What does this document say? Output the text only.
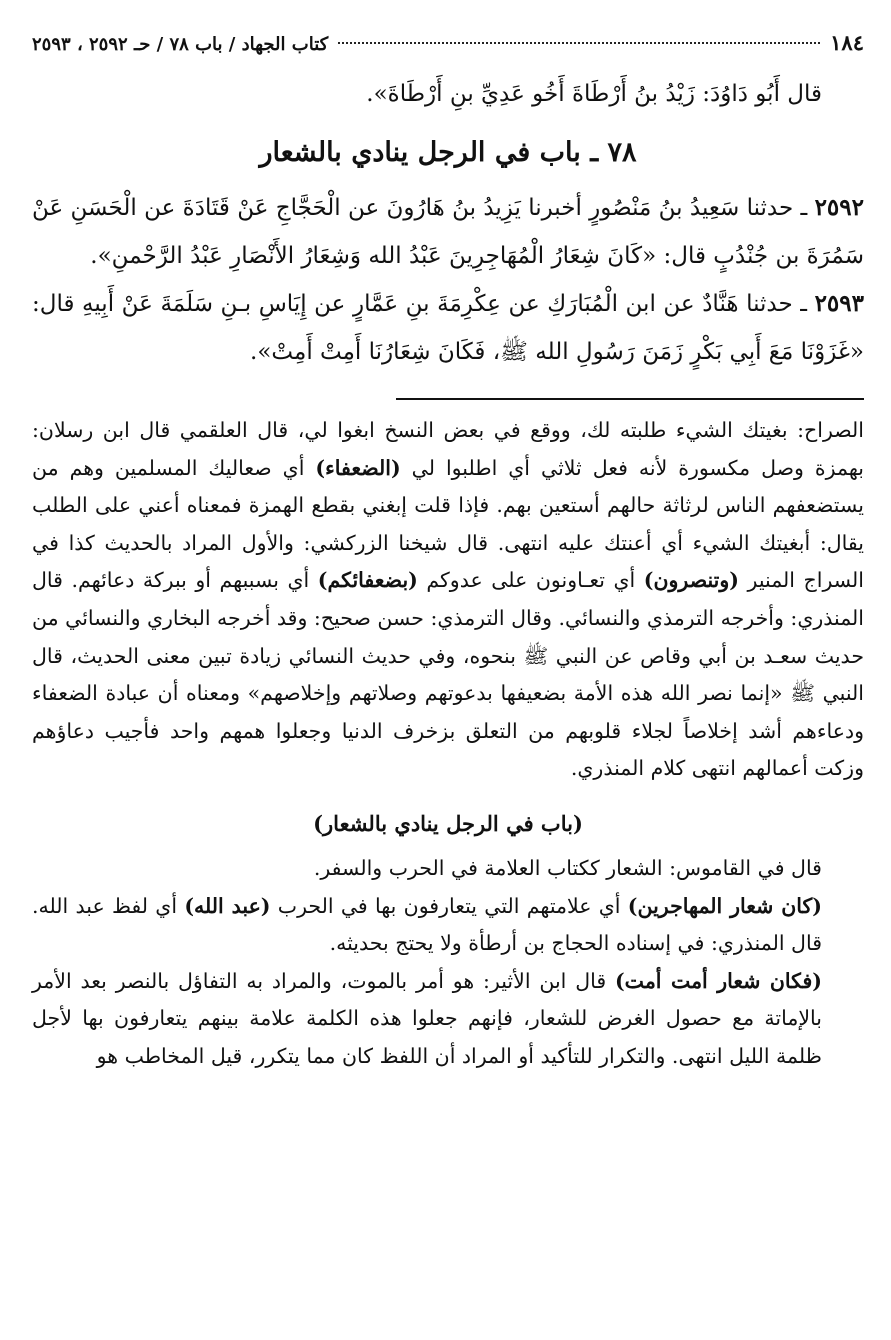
١٨٤
كتاب الجهاد / باب ٧٨ / حـ ٢٥٩٢ ، ٢٥٩٣

قال أَبُو دَاوُدَ: زَيْدُ بنُ أَرْطَاةَ أَخُو عَدِيِّ بنِ أَرْطَاةَ».

٧٨ ـ باب في الرجل ينادي بالشعار

٢٥٩٢ ـ حدثنا سَعِيدُ بنُ مَنْصُورٍ أخبرنا يَزِيدُ بنُ هَارُونَ عن الْحَجَّاجِ عَنْ قَتَادَةَ عن الْحَسَنِ عَنْ سَمُرَةَ بن جُنْدُبٍ قال: «كَانَ شِعَارُ الْمُهَاجِرِينَ عَبْدُ الله وَشِعَارُ الأَنْصَارِ عَبْدُ الرَّحْمنِ».

٢٥٩٣ ـ حدثنا هَنَّادٌ عن ابن الْمُبَارَكِ عن عِكْرِمَةَ بنِ عَمَّارٍ عن إِيَاسِ بـنِ سَلَمَةَ عَنْ أَبِيهِ قال: «غَزَوْنَا مَعَ أَبِي بَكْرٍ زَمَنَ رَسُولِ الله ﷺ، فَكَانَ شِعَارُنَا أَمِتْ أَمِتْ».

الصراح: بغيتك الشيء طلبته لك، ووقع في بعض النسخ ابغوا لي، قال العلقمي قال ابن رسلان: بهمزة وصل مكسورة لأنه فعل ثلاثي أي اطلبوا لي (الضعفاء) أي صعاليك المسلمين وهم من يستضعفهم الناس لرثاثة حالهم أستعين بهم. فإذا قلت إبغني بقطع الهمزة فمعناه أعني على الطلب يقال: أبغيتك الشيء أي أعنتك عليه انتهى. قال شيخنا الزركشي: والأول المراد بالحديث كذا في السراج المنير (وتنصرون) أي تعـاونون على عدوكم (بضعفائكم) أي بسببهم أو ببركة دعائهم. قال المنذري: وأخرجه الترمذي والنسائي. وقال الترمذي: حسن صحيح: وقد أخرجه البخاري والنسائي من حديث سعـد بن أبي وقاص عن النبي ﷺ بنحوه، وفي حديث النسائي زيادة تبين معنى الحديث، قال النبي ﷺ «إنما نصر الله هذه الأمة بضعيفها بدعوتهم وصلاتهم وإخلاصهم» ومعناه أن عبادة الضعفاء ودعاءهم أشد إخلاصاً لجلاء قلوبهم من التعلق بزخرف الدنيا وجعلوا همهم واحد فأجيب دعاؤهم وزكت أعمالهم انتهى كلام المنذري.

(باب في الرجل ينادي بالشعار)

قال في القاموس: الشعار ككتاب العلامة في الحرب والسفر.

(كان شعار المهاجرين) أي علامتهم التي يتعارفون بها في الحرب (عبد الله) أي لفظ عبد الله. قال المنذري: في إسناده الحجاج بن أرطأة ولا يحتج بحديثه.

(فكان شعار أمت أمت) قال ابن الأثير: هو أمر بالموت، والمراد به التفاؤل بالنصر بعد الأمر بالإماتة مع حصول الغرض للشعار، فإنهم جعلوا هذه الكلمة علامة بينهم يتعارفون بها لأجل ظلمة الليل انتهى. والتكرار للتأكيد أو المراد أن اللفظ كان مما يتكرر، قيل المخاطب هو
